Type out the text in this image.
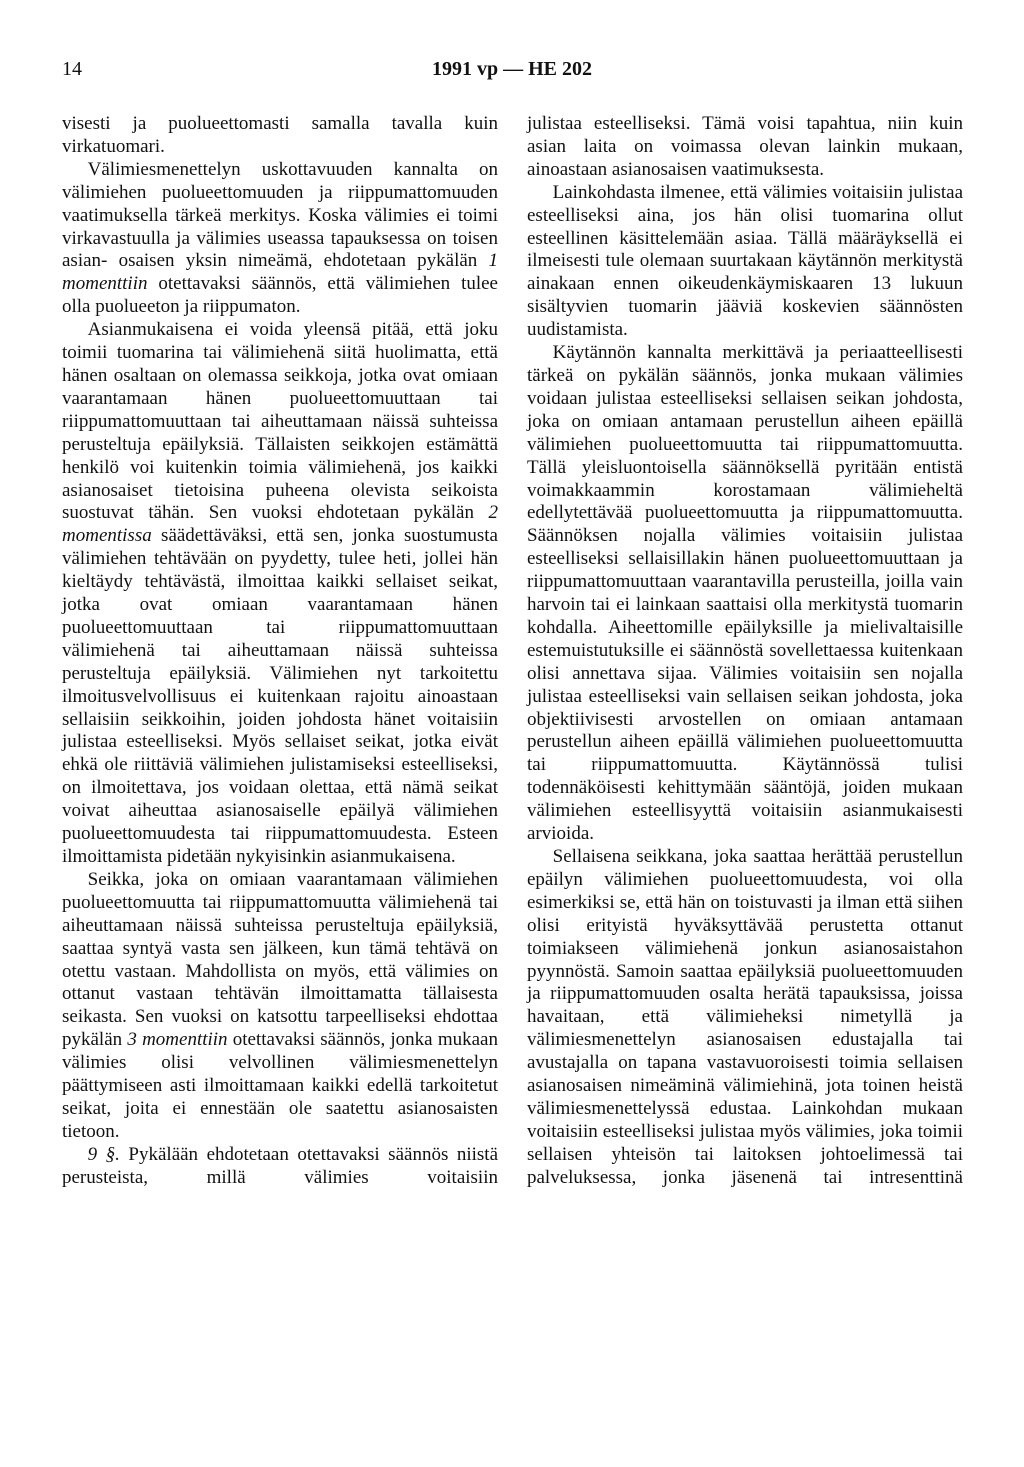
14	1991 vp — HE 202

visesti ja puolueettomasti samalla tavalla kuin virkatuomari.

Välimiesmenettelyn uskottavuuden kannalta on välimiehen puolueettomuuden ja riippumattomuuden vaatimuksella tärkeä merkitys. Koska välimies ei toimi virkavastuulla ja välimies useassa tapauksessa on toisen asian- osaisen yksin nimeämä, ehdotetaan pykälän 1 momenttiin otettavaksi säännös, että välimiehen tulee olla puolueeton ja riippumaton.

Asianmukaisena ei voida yleensä pitää, että joku toimii tuomarina tai välimiehenä siitä huolimatta, että hänen osaltaan on olemassa seikkoja, jotka ovat omiaan vaarantamaan hänen puolueettomuuttaan tai riippumattomuuttaan tai aiheuttamaan näissä suhteissa perusteltuja epäilyksiä. Tällaisten seikkojen estämättä henkilö voi kuitenkin toimia välimiehenä, jos kaikki asianosaiset tietoisina puheena olevista seikoista suostuvat tähän. Sen vuoksi ehdotetaan pykälän 2 momentissa säädettäväksi, että sen, jonka suostumusta välimiehen tehtävään on pyydetty, tulee heti, jollei hän kieltäydy tehtävästä, ilmoittaa kaikki sellaiset seikat, jotka ovat omiaan vaarantamaan hänen puolueettomuuttaan tai riippumattomuuttaan välimiehenä tai aiheuttamaan näissä suhteissa perusteltuja epäilyksiä. Välimiehen nyt tarkoitettu ilmoitusvelvollisuus ei kuitenkaan rajoitu ainoastaan sellaisiin seikkoihin, joiden johdosta hänet voitaisiin julistaa esteelliseksi. Myös sellaiset seikat, jotka eivät ehkä ole riittäviä välimiehen julistamiseksi esteelliseksi, on ilmoitettava, jos voidaan olettaa, että nämä seikat voivat aiheuttaa asianosaiselle epäilyä välimiehen puolueettomuudesta tai riippumattomuudesta. Esteen ilmoittamista pidetään nykyisinkin asianmukaisena.

Seikka, joka on omiaan vaarantamaan välimiehen puolueettomuutta tai riippumattomuutta välimiehenä tai aiheuttamaan näissä suhteissa perusteltuja epäilyksiä, saattaa syntyä vasta sen jälkeen, kun tämä tehtävä on otettu vastaan. Mahdollista on myös, että välimies on ottanut vastaan tehtävän ilmoittamatta tällaisesta seikasta. Sen vuoksi on katsottu tarpeelliseksi ehdottaa pykälän 3 momenttiin otettavaksi säännös, jonka mukaan välimies olisi velvollinen välimiesmenettelyn päättymiseen asti ilmoittamaan kaikki edellä tarkoitetut seikat, joita ei ennestään ole saatettu asianosaisten tietoon.

9 §. Pykälään ehdotetaan otettavaksi säännös niistä perusteista, millä välimies voitaisiin

julistaa esteelliseksi. Tämä voisi tapahtua, niin kuin asian laita on voimassa olevan lainkin mukaan, ainoastaan asianosaisen vaatimuksesta.

Lainkohdasta ilmenee, että välimies voitaisiin julistaa esteelliseksi aina, jos hän olisi tuomarina ollut esteellinen käsittelemään asiaa. Tällä määräyksellä ei ilmeisesti tule olemaan suurtakaan käytännön merkitystä ainakaan ennen oikeudenkäymiskaaren 13 lukuun sisältyvien tuomarin jääviä koskevien säännösten uudistamista.

Käytännön kannalta merkittävä ja periaatteellisesti tärkeä on pykälän säännös, jonka mukaan välimies voidaan julistaa esteelliseksi sellaisen seikan johdosta, joka on omiaan antamaan perustellun aiheen epäillä välimiehen puolueettomuutta tai riippumattomuutta. Tällä yleisluontoisella säännöksellä pyritään entistä voimakkaammin korostamaan välimieheltä edellytettävää puolueettomuutta ja riippumattomuutta. Säännöksen nojalla välimies voitaisiin julistaa esteelliseksi sellaisillakin hänen puolueettomuuttaan ja riippumattomuuttaan vaarantavilla perusteilla, joilla vain harvoin tai ei lainkaan saattaisi olla merkitystä tuomarin kohdalla. Aiheettomille epäilyksille ja mielivaltaisille estemuistutuksille ei säännöstä sovellettaessa kuitenkaan olisi annettava sijaa. Välimies voitaisiin sen nojalla julistaa esteelliseksi vain sellaisen seikan johdosta, joka objektiivisesti arvostellen on omiaan antamaan perustellun aiheen epäillä välimiehen puolueettomuutta tai riippumattomuutta. Käytännössä tulisi todennäköisesti kehittymään sääntöjä, joiden mukaan välimiehen esteellisyyttä voitaisiin asianmukaisesti arvioida.

Sellaisena seikkana, joka saattaa herättää perustellun epäilyn välimiehen puolueettomuudesta, voi olla esimerkiksi se, että hän on toistuvasti ja ilman että siihen olisi erityistä hyväksyttävää perustetta ottanut toimiakseen välimiehenä jonkun asianosaistahon pyynnöstä. Samoin saattaa epäilyksiä puolueettomuuden ja riippumattomuuden osalta herätä tapauksissa, joissa havaitaan, että välimieheksi nimetyllä ja välimiesmenettelyn asianosaisen edustajalla tai avustajalla on tapana vastavuoroisesti toimia sellaisen asianosaisen nimeäminä välimiehinä, jota toinen heistä välimiesmenettelyssä edustaa. Lainkohdan mukaan voitaisiin esteelliseksi julistaa myös välimies, joka toimii sellaisen yhteisön tai laitoksen johtoelimessä tai palveluksessa, jonka jäsenenä tai intresenttinä
